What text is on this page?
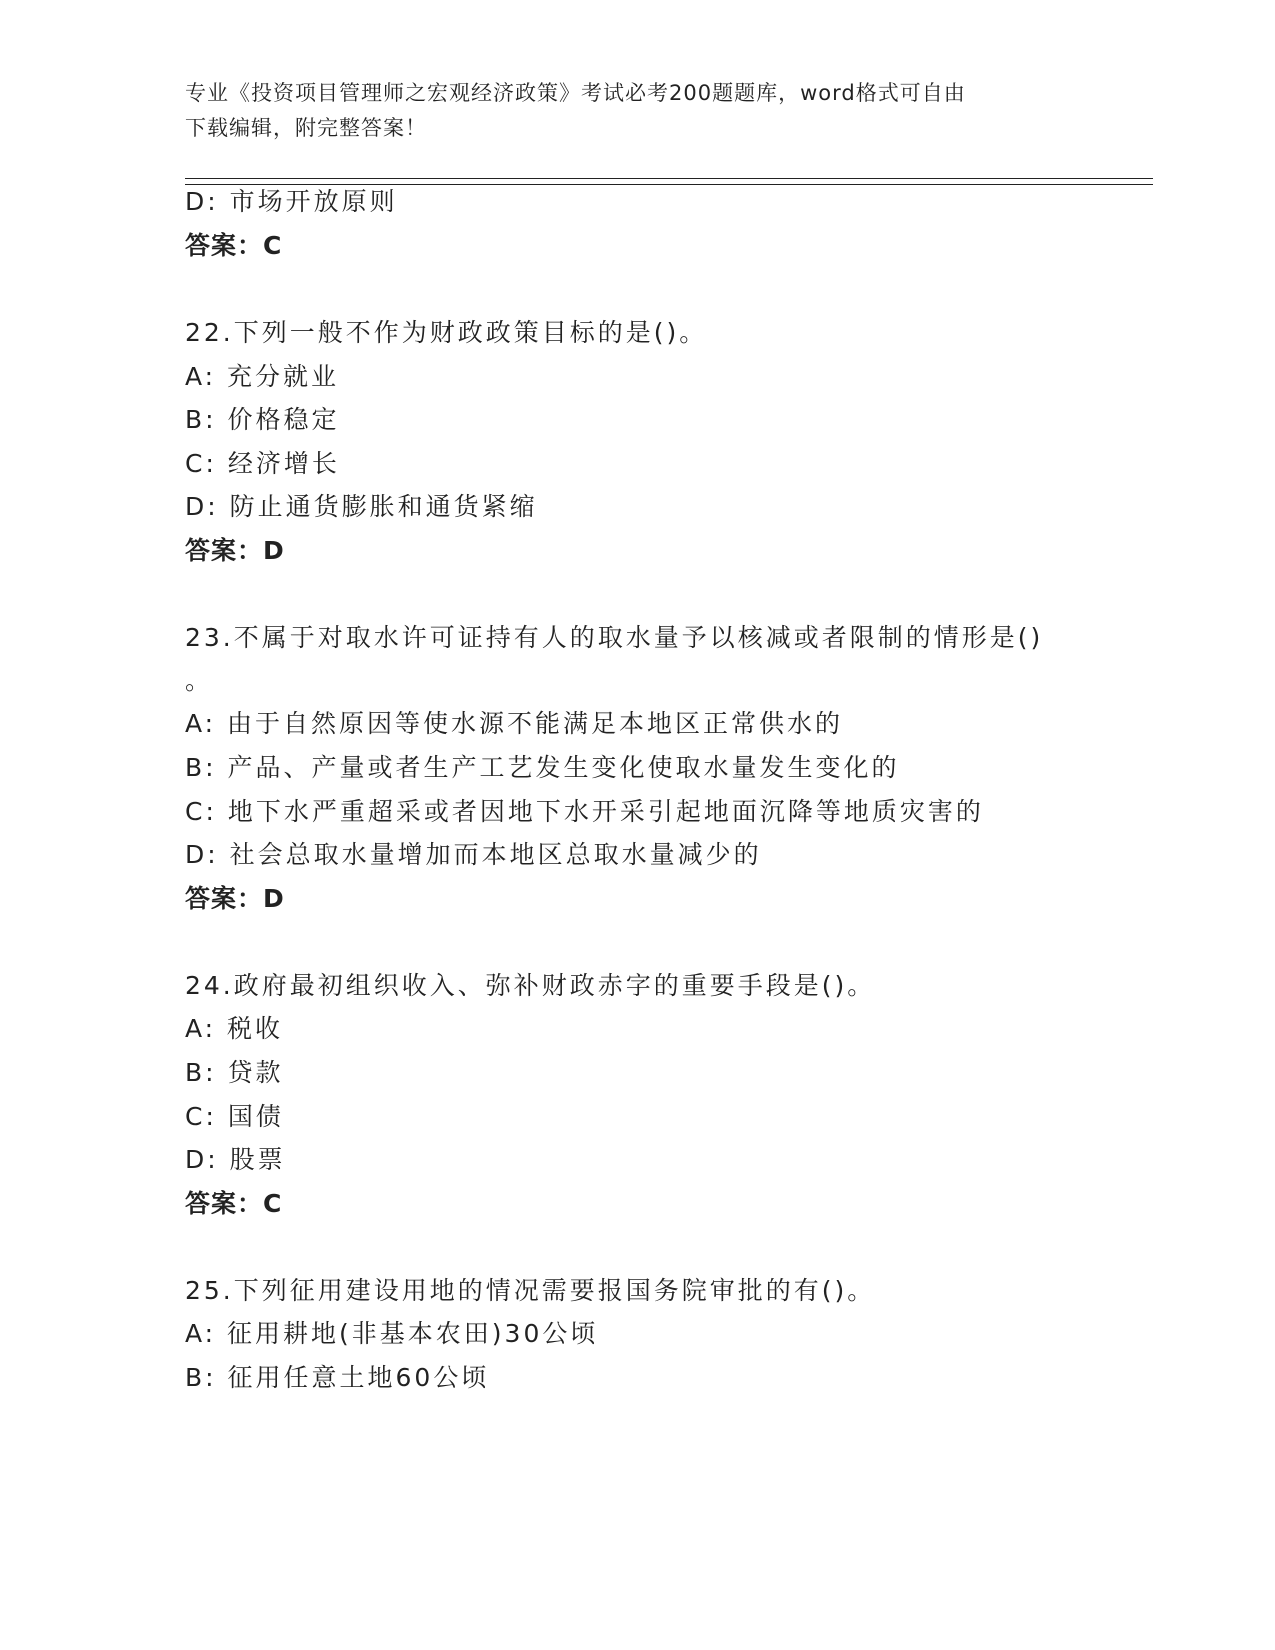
专业《投资项目管理师之宏观经济政策》考试必考200题题库，word格式可自由
下载编辑，附完整答案！
D: 市场开放原则
答案：C
22.下列一般不作为财政政策目标的是()。
A: 充分就业
B: 价格稳定
C: 经济增长
D: 防止通货膨胀和通货紧缩
答案：D
23.不属于对取水许可证持有人的取水量予以核减或者限制的情形是()
。
A: 由于自然原因等使水源不能满足本地区正常供水的
B: 产品、产量或者生产工艺发生变化使取水量发生变化的
C: 地下水严重超采或者因地下水开采引起地面沉降等地质灾害的
D: 社会总取水量增加而本地区总取水量减少的
答案：D
24.政府最初组织收入、弥补财政赤字的重要手段是()。
A: 税收
B: 贷款
C: 国债
D: 股票
答案：C
25.下列征用建设用地的情况需要报国务院审批的有()。
A: 征用耕地(非基本农田)30公顷
B: 征用任意土地60公顷
